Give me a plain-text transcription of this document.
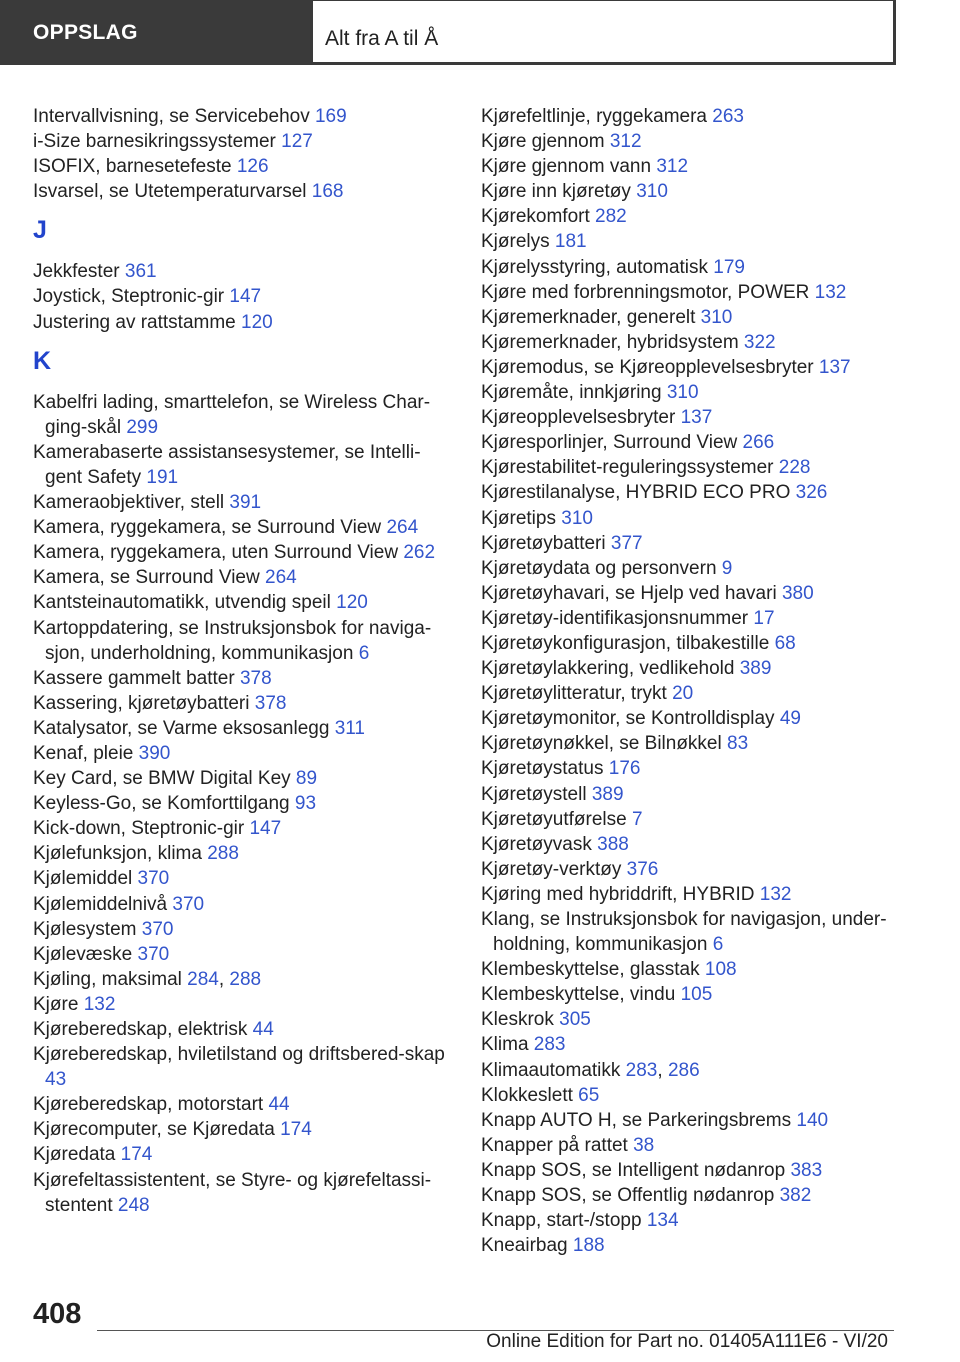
OPPSLAG	Alt fra A til Å
Intervallvisning, se Servicebehov 169
i-Size barnesikringssystemer 127
ISOFIX, barnesetefeste 126
Isvarsel, se Utetemperaturvarsel 168
J
Jekkfester 361
Joystick, Steptronic-gir 147
Justering av rattstamme 120
K
Kabelfri lading, smarttelefon, se Wireless Char-ging-skål 299
Kamerabaserte assistansesystemer, se Intelli-gent Safety 191
Kameraobjektiver, stell 391
Kamera, ryggekamera, se Surround View 264
Kamera, ryggekamera, uten Surround View 262
Kamera, se Surround View 264
Kantsteinautomatikk, utvendig speil 120
Kartoppdatering, se Instruksjonsbok for naviga-sjon, underholdning, kommunikasjon 6
Kassere gammelt batter 378
Kassering, kjøretøybatteri 378
Katalysator, se Varme eksosanlegg 311
Kenaf, pleie 390
Key Card, se BMW Digital Key 89
Keyless-Go, se Komforttilgang 93
Kick-down, Steptronic-gir 147
Kjølefunksjon, klima 288
Kjølemiddel 370
Kjølemiddelnivå 370
Kjølesystem 370
Kjølevæske 370
Kjøling, maksimal 284, 288
Kjøre 132
Kjøreberedskap, elektrisk 44
Kjøreberedskap, hviletilstand og driftsbered-skap 43
Kjøreberedskap, motorstart 44
Kjørecomputer, se Kjøredata 174
Kjøredata 174
Kjørefeltassistentent, se Styre- og kjørefeltassi-stentent 248
Kjørefeltlinje, ryggekamera 263
Kjøre gjennom 312
Kjøre gjennom vann 312
Kjøre inn kjøretøy 310
Kjørekomfort 282
Kjørelys 181
Kjørelysstyring, automatisk 179
Kjøre med forbrenningsmotor, POWER 132
Kjøremerknader, generelt 310
Kjøremerknader, hybridsystem 322
Kjøremodus, se Kjøreopplevelsesbryter 137
Kjøremåte, innkjøring 310
Kjøreopplevelsesbryter 137
Kjøresporlinjer, Surround View 266
Kjørestabilitet-reguleringssystemer 228
Kjørestilanalyse, HYBRID ECO PRO 326
Kjøretips 310
Kjøretøybatteri 377
Kjøretøydata og personvern 9
Kjøretøyhavari, se Hjelp ved havari 380
Kjøretøy-identifikasjonsnummer 17
Kjøretøykonfigurasjon, tilbakestille 68
Kjøretøylakkering, vedlikehold 389
Kjøretøylitteratur, trykt 20
Kjøretøymonitor, se Kontrolldisplay 49
Kjøretøynøkkel, se Bilnøkkel 83
Kjøretøystatus 176
Kjøretøystell 389
Kjøretøyutførelse 7
Kjøretøyvask 388
Kjøretøy-verktøy 376
Kjøring med hybriddrift, HYBRID 132
Klang, se Instruksjonsbok for navigasjon, under-holdning, kommunikasjon 6
Klembeskyttelse, glasstak 108
Klembeskyttelse, vindu 105
Kleskrok 305
Klima 283
Klimaautomatikk 283, 286
Klokkeslett 65
Knapp AUTO H, se Parkeringsbrems 140
Knapper på rattet 38
Knapp SOS, se Intelligent nødanrop 383
Knapp SOS, se Offentlig nødanrop 382
Knapp, start-/stopp 134
Kneairbag 188
408
Online Edition for Part no. 01405A111E6 - VI/20
